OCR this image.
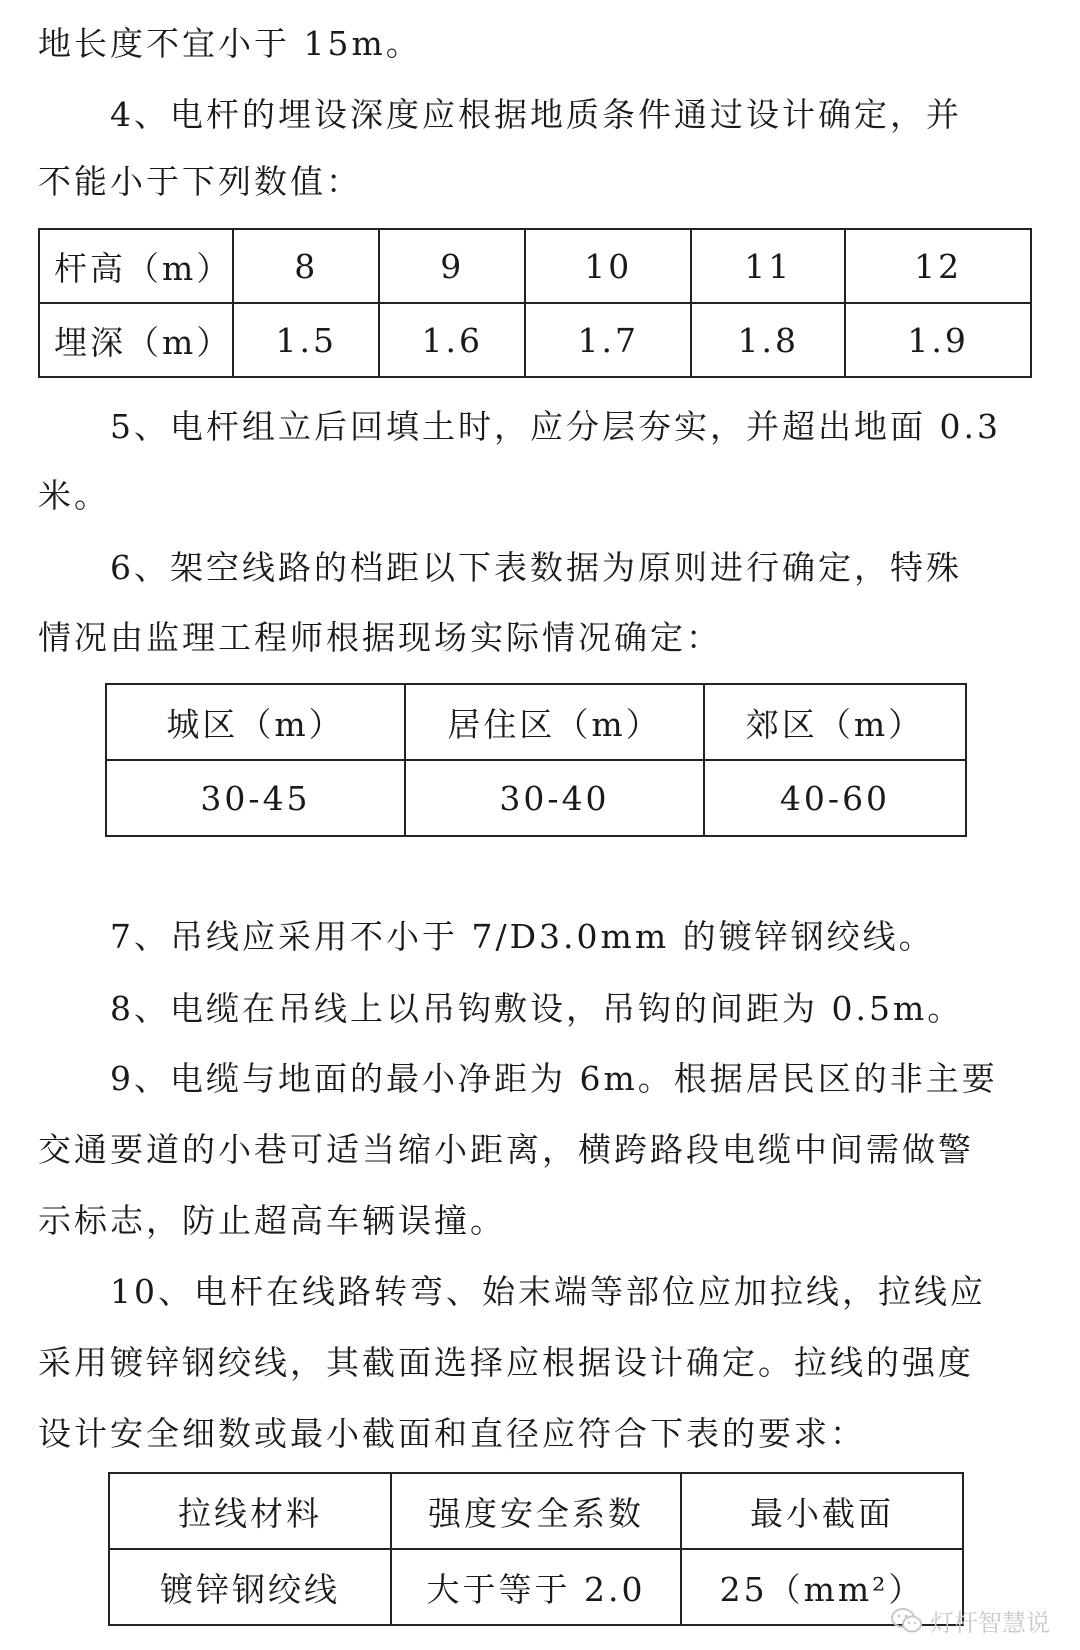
地长度不宜小于 15m。
4、电杆的埋设深度应根据地质条件通过设计确定，并
不能小于下列数值：
杆高（m）	8	9	10	11	12
埋深（m）	1.5	1.6	1.7	1.8	1.9
5、电杆组立后回填土时，应分层夯实，并超出地面 0.3
米。
6、架空线路的档距以下表数据为原则进行确定，特殊
情况由监理工程师根据现场实际情况确定：
城区（m）	居住区（m）	郊区（m）
30-45	30-40	40-60
7、吊线应采用不小于 7/D3.0mm 的镀锌钢绞线。
8、电缆在吊线上以吊钩敷设，吊钩的间距为 0.5m。
9、电缆与地面的最小净距为 6m。根据居民区的非主要
交通要道的小巷可适当缩小距离，横跨路段电缆中间需做警
示标志，防止超高车辆误撞。
10、电杆在线路转弯、始末端等部位应加拉线，拉线应
采用镀锌钢绞线，其截面选择应根据设计确定。拉线的强度
设计安全细数或最小截面和直径应符合下表的要求：
拉线材料	强度安全系数	最小截面
镀锌钢绞线	大于等于 2.0	25（mm²）
灯杆智慧说
